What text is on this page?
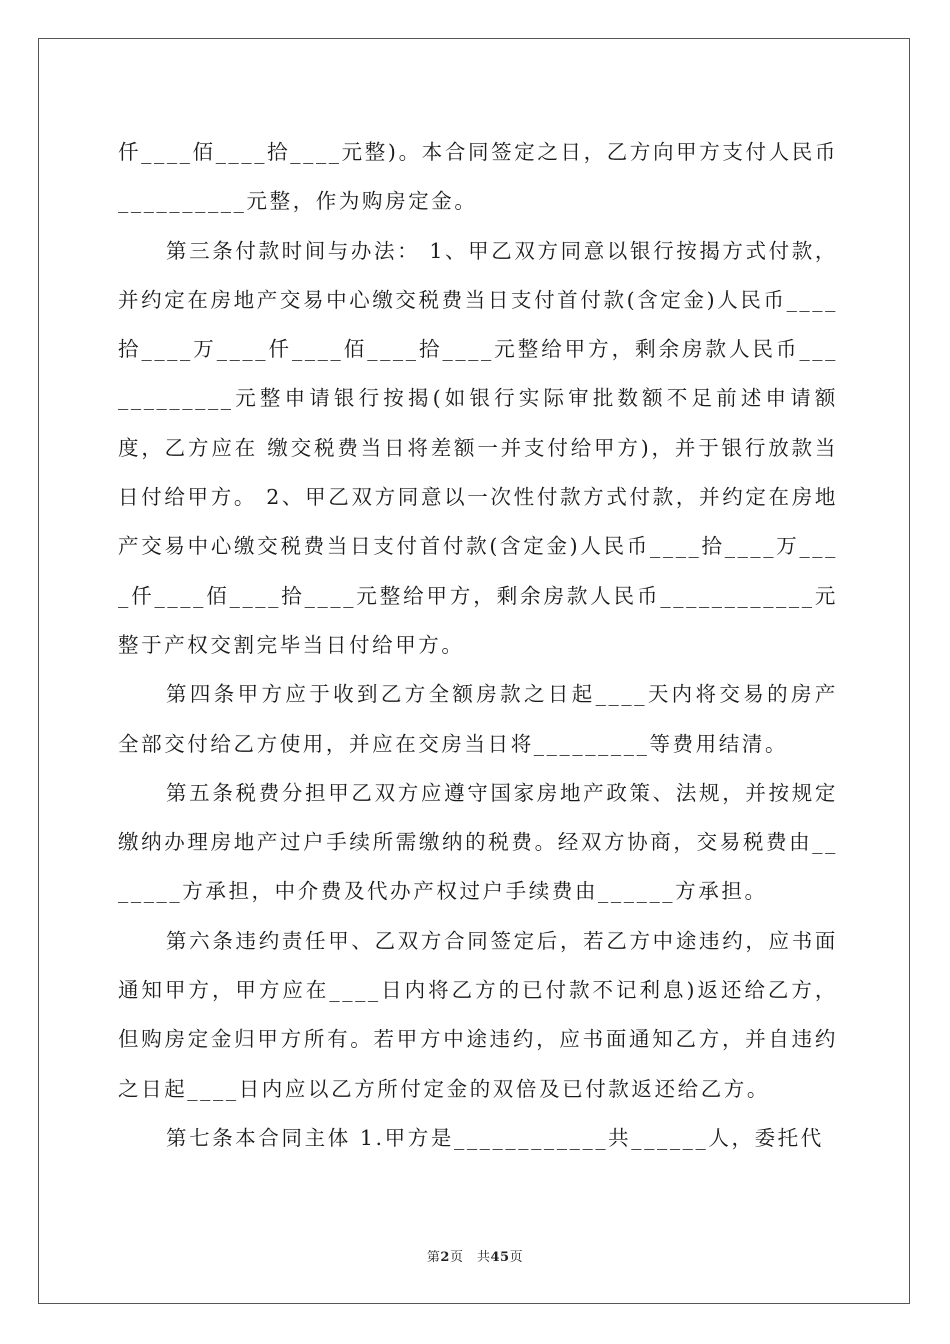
仟____佰____拾____元整)。本合同签定之日，乙方向甲方支付人民币__________元整，作为购房定金。

第三条付款时间与办法： 1、甲乙双方同意以银行按揭方式付款，并约定在房地产交易中心缴交税费当日支付首付款(含定金)人民币____拾____万____仟____佰____拾____元整给甲方，剩余房款人民币____________元整申请银行按揭(如银行实际审批数额不足前述申请额度，乙方应在 缴交税费当日将差额一并支付给甲方)，并于银行放款当日付给甲方。 2、甲乙双方同意以一次性付款方式付款，并约定在房地产交易中心缴交税费当日支付首付款(含定金)人民币____拾____万____仟____佰____拾____元整给甲方，剩余房款人民币____________元整于产权交割完毕当日付给甲方。

第四条甲方应于收到乙方全额房款之日起____天内将交易的房产全部交付给乙方使用，并应在交房当日将_________等费用结清。

第五条税费分担甲乙双方应遵守国家房地产政策、法规，并按规定缴纳办理房地产过户手续所需缴纳的税费。经双方协商，交易税费由_______方承担，中介费及代办产权过户手续费由______方承担。

第六条违约责任甲、乙双方合同签定后，若乙方中途违约，应书面通知甲方，甲方应在____日内将乙方的已付款不记利息)返还给乙方，但购房定金归甲方所有。若甲方中途违约，应书面通知乙方，并自违约之日起____日内应以乙方所付定金的双倍及已付款返还给乙方。

第七条本合同主体 1.甲方是____________共______人，委托代

第2页　共45页
